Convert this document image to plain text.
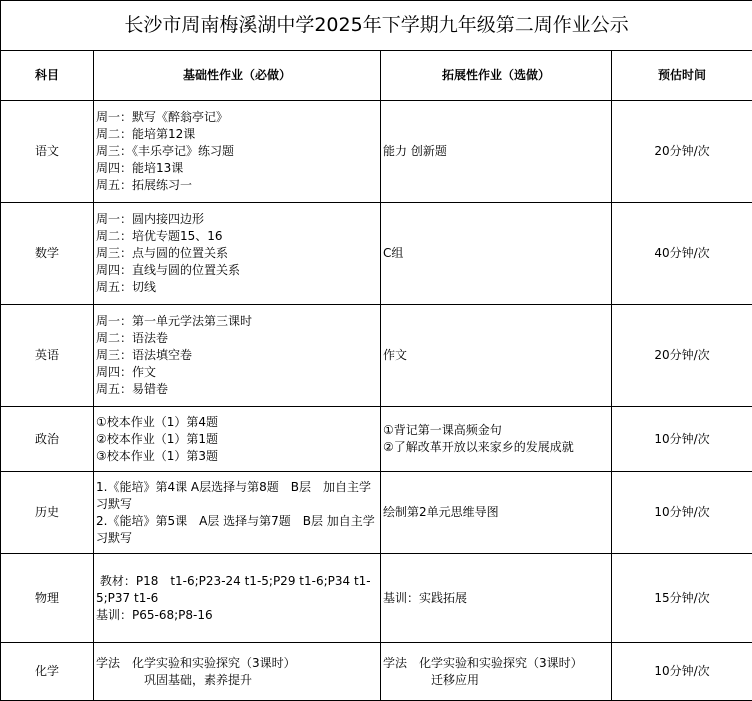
长沙市周南梅溪湖中学2025年下学期九年级第二周作业公示			
科目	基础性作业（必做）	拓展性作业（选做）	预估时间
语文	周一：默写《醉翁亭记》
周二：能培第12课
周三：《丰乐亭记》练习题
周四：能培13课
周五：拓展练习一	能力 创新题	20分钟/次
数学	周一：圆内接四边形
周二：培优专题15、16
周三：点与圆的位置关系
周四：直线与圆的位置关系
周五：切线	C组	40分钟/次
英语	周一：第一单元学法第三课时
周二：语法卷
周三：语法填空卷
周四：作文
周五：易错卷	作文	20分钟/次
政治	①校本作业（1）第4题
②校本作业（1）第1题
③校本作业（1）第3题	①背记第一课高频金句
②了解改革开放以来家乡的发展成就	10分钟/次
历史	1.《能培》第4课 A层选择与第8题　B层　加自主学习默写
2.《能培》第5课　A层 选择与第7题　B层 加自主学习默写	绘制第2单元思维导图	10分钟/次
物理	教材：P18　t1-6;P23-24 t1-5;P29 t1-6;P34 t1-5;P37 t1-6
基训：P65-68;P8-16	基训：实践拓展	15分钟/次
化学	学法　化学实验和实验探究（3课时）
　　　　巩固基础，素养提升	学法　化学实验和实验探究（3课时）
　　　　迁移应用	10分钟/次
